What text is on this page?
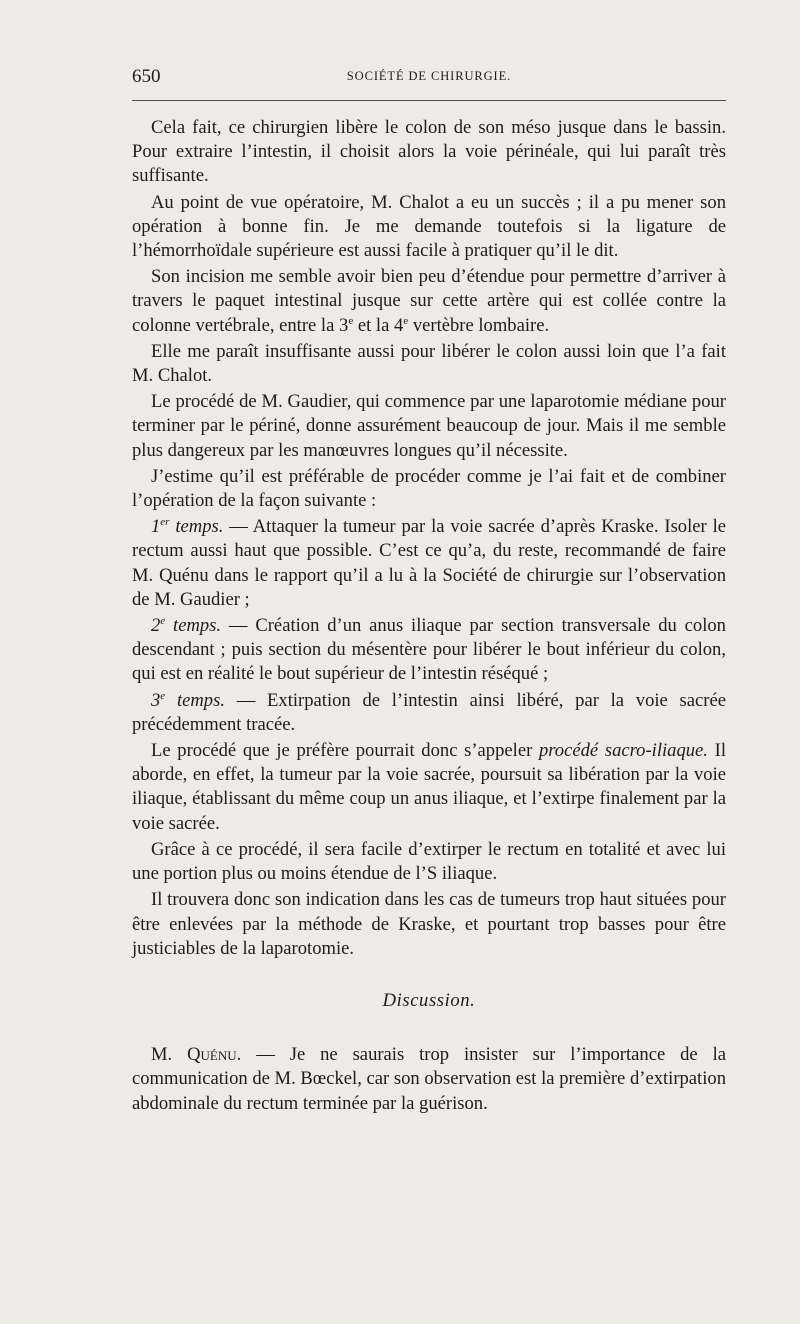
650	SOCIÉTÉ DE CHIRURGIE.

Cela fait, ce chirurgien libère le colon de son méso jusque dans le bassin. Pour extraire l’intestin, il choisit alors la voie périnéale, qui lui paraît très suffisante.

Au point de vue opératoire, M. Chalot a eu un succès ; il a pu mener son opération à bonne fin. Je me demande toutefois si la ligature de l’hémorrhoïdale supérieure est aussi facile à pratiquer qu’il le dit.

Son incision me semble avoir bien peu d’étendue pour permettre d’arriver à travers le paquet intestinal jusque sur cette artère qui est collée contre la colonne vertébrale, entre la 3e et la 4e vertèbre lombaire.

Elle me paraît insuffisante aussi pour libérer le colon aussi loin que l’a fait M. Chalot.

Le procédé de M. Gaudier, qui commence par une laparotomie médiane pour terminer par le périné, donne assurément beaucoup de jour. Mais il me semble plus dangereux par les manœuvres longues qu’il nécessite.

J’estime qu’il est préférable de procéder comme je l’ai fait et de combiner l’opération de la façon suivante :

1er temps. — Attaquer la tumeur par la voie sacrée d’après Kraske. Isoler le rectum aussi haut que possible. C’est ce qu’a, du reste, recommandé de faire M. Quénu dans le rapport qu’il a lu à la Société de chirurgie sur l’observation de M. Gaudier ;

2e temps. — Création d’un anus iliaque par section transversale du colon descendant ; puis section du mésentère pour libérer le bout inférieur du colon, qui est en réalité le bout supérieur de l’intestin réséqué ;

3e temps. — Extirpation de l’intestin ainsi libéré, par la voie sacrée précédemment tracée.

Le procédé que je préfère pourrait donc s’appeler procédé sacro-iliaque. Il aborde, en effet, la tumeur par la voie sacrée, poursuit sa libération par la voie iliaque, établissant du même coup un anus iliaque, et l’extirpe finalement par la voie sacrée.

Grâce à ce procédé, il sera facile d’extirper le rectum en totalité et avec lui une portion plus ou moins étendue de l’S iliaque.

Il trouvera donc son indication dans les cas de tumeurs trop haut situées pour être enlevées par la méthode de Kraske, et pourtant trop basses pour être justiciables de la laparotomie.

Discussion.

M. Quénu. — Je ne saurais trop insister sur l’importance de la communication de M. Bœckel, car son observation est la première d’extirpation abdominale du rectum terminée par la guérison.
